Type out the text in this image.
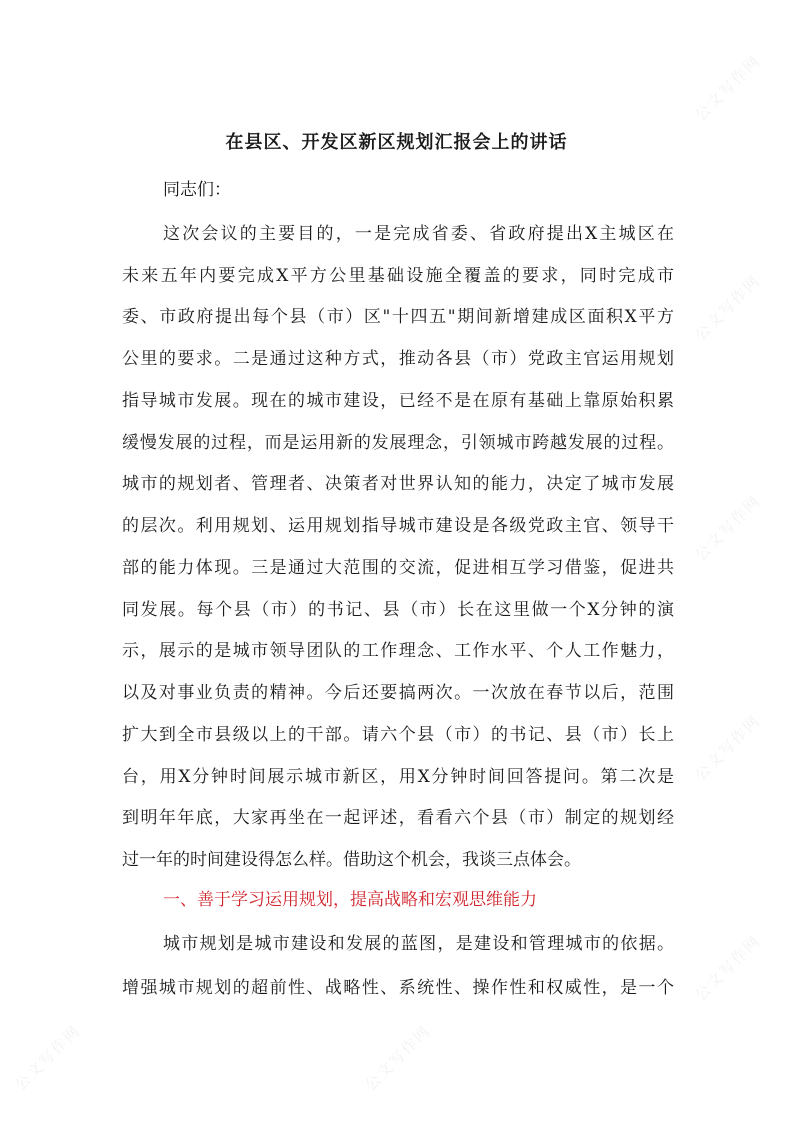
在县区、开发区新区规划汇报会上的讲话
同志们：
这次会议的主要目的，一是完成省委、省政府提出X主城区在
未来五年内要完成X平方公里基础设施全覆盖的要求，同时完成市
委、市政府提出每个县（市）区"十四五"期间新增建成区面积X平方
公里的要求。二是通过这种方式，推动各县（市）党政主官运用规划
指导城市发展。现在的城市建设，已经不是在原有基础上靠原始积累
缓慢发展的过程，而是运用新的发展理念，引领城市跨越发展的过程。
城市的规划者、管理者、决策者对世界认知的能力，决定了城市发展
的层次。利用规划、运用规划指导城市建设是各级党政主官、领导干
部的能力体现。三是通过大范围的交流，促进相互学习借鉴，促进共
同发展。每个县（市）的书记、县（市）长在这里做一个X分钟的演
示，展示的是城市领导团队的工作理念、工作水平、个人工作魅力，
以及对事业负责的精神。今后还要搞两次。一次放在春节以后，范围
扩大到全市县级以上的干部。请六个县（市）的书记、县（市）长上
台，用X分钟时间展示城市新区，用X分钟时间回答提问。第二次是
到明年年底，大家再坐在一起评述，看看六个县（市）制定的规划经
过一年的时间建设得怎么样。借助这个机会，我谈三点体会。
一、善于学习运用规划，提高战略和宏观思维能力
城市规划是城市建设和发展的蓝图，是建设和管理城市的依据。
增强城市规划的超前性、战略性、系统性、操作性和权威性，是一个
公文写作网
公文写作网
公文写作网
公文写作网
公文写作网
公文写作网	公文写作网
